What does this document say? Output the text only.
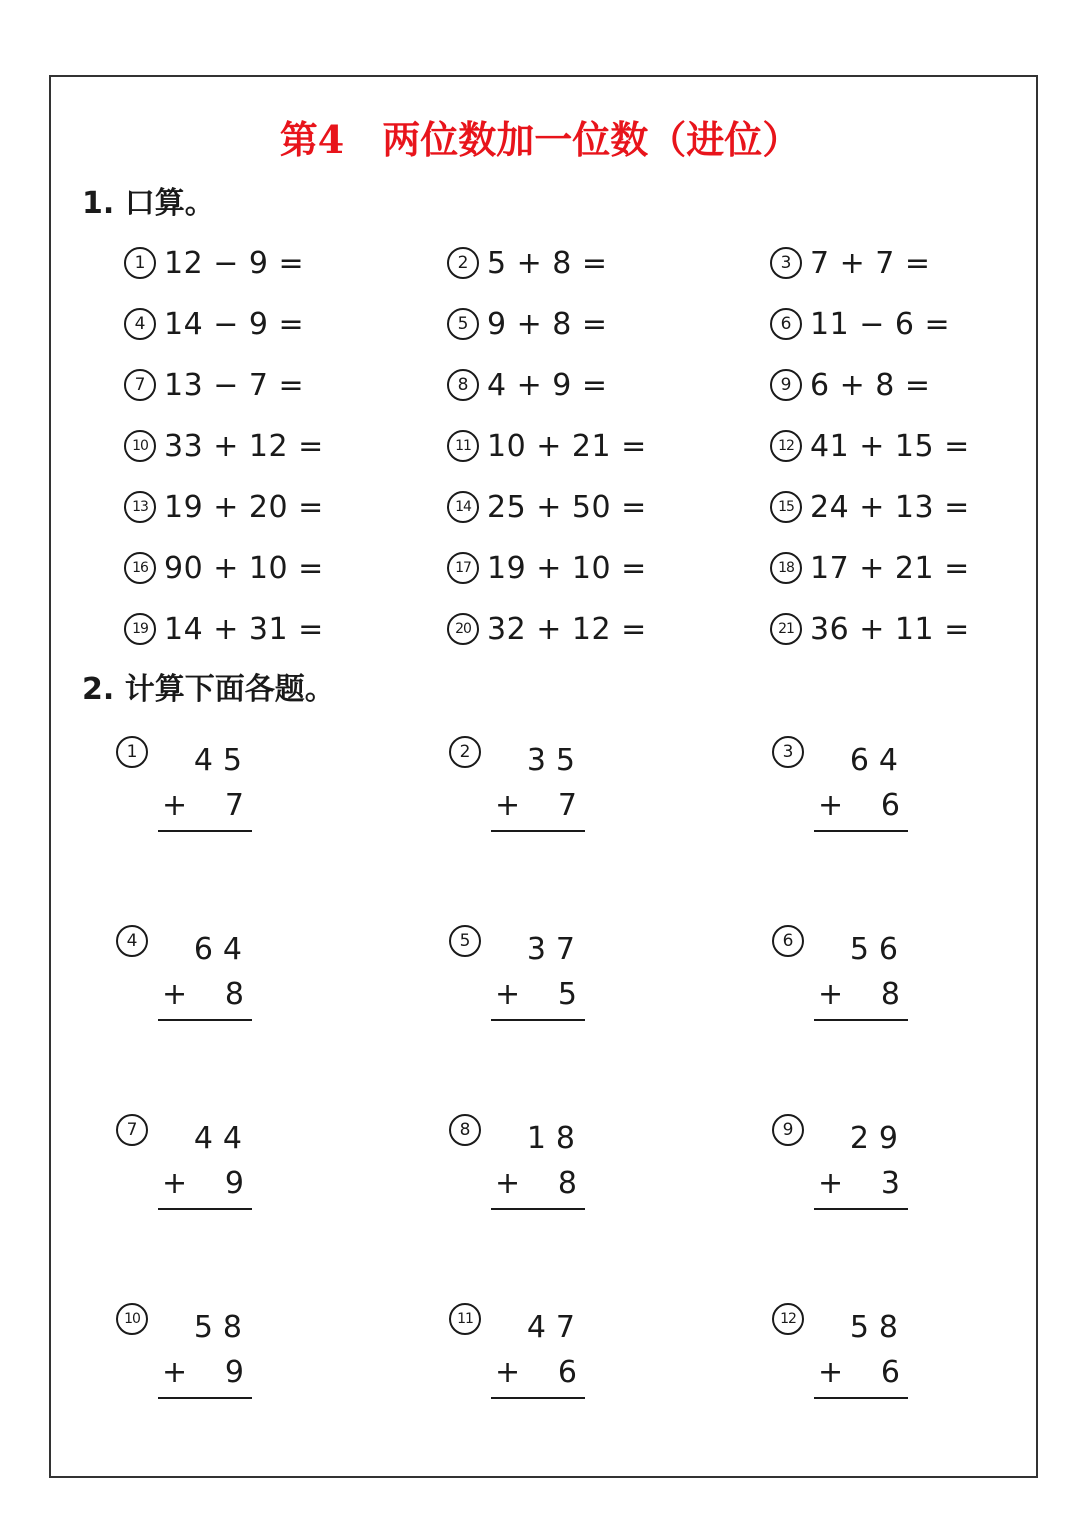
第4　两位数加一位数（进位）
1. 口算。
1 12 − 9 =	2 5 + 8 =	3 7 + 7 =
4 14 − 9 =	5 9 + 8 =	6 11 − 6 =
7 13 − 7 =	8 4 + 9 =	9 6 + 8 =
10 33 + 12 =	11 10 + 21 =	12 41 + 15 =
13 19 + 20 =	14 25 + 50 =	15 24 + 13 =
16 90 + 10 =	17 19 + 10 =	18 17 + 21 =
19 14 + 31 =	20 32 + 12 =	21 36 + 11 =
2. 计算下面各题。
1	45
+ 7
2	35
+ 7
3	64
+ 6
4	64
+ 8
5	37
+ 5
6	56
+ 8
7	44
+ 9
8	18
+ 8
9	29
+ 3
10	58
+ 9
11	47
+ 6
12	58
+ 6
